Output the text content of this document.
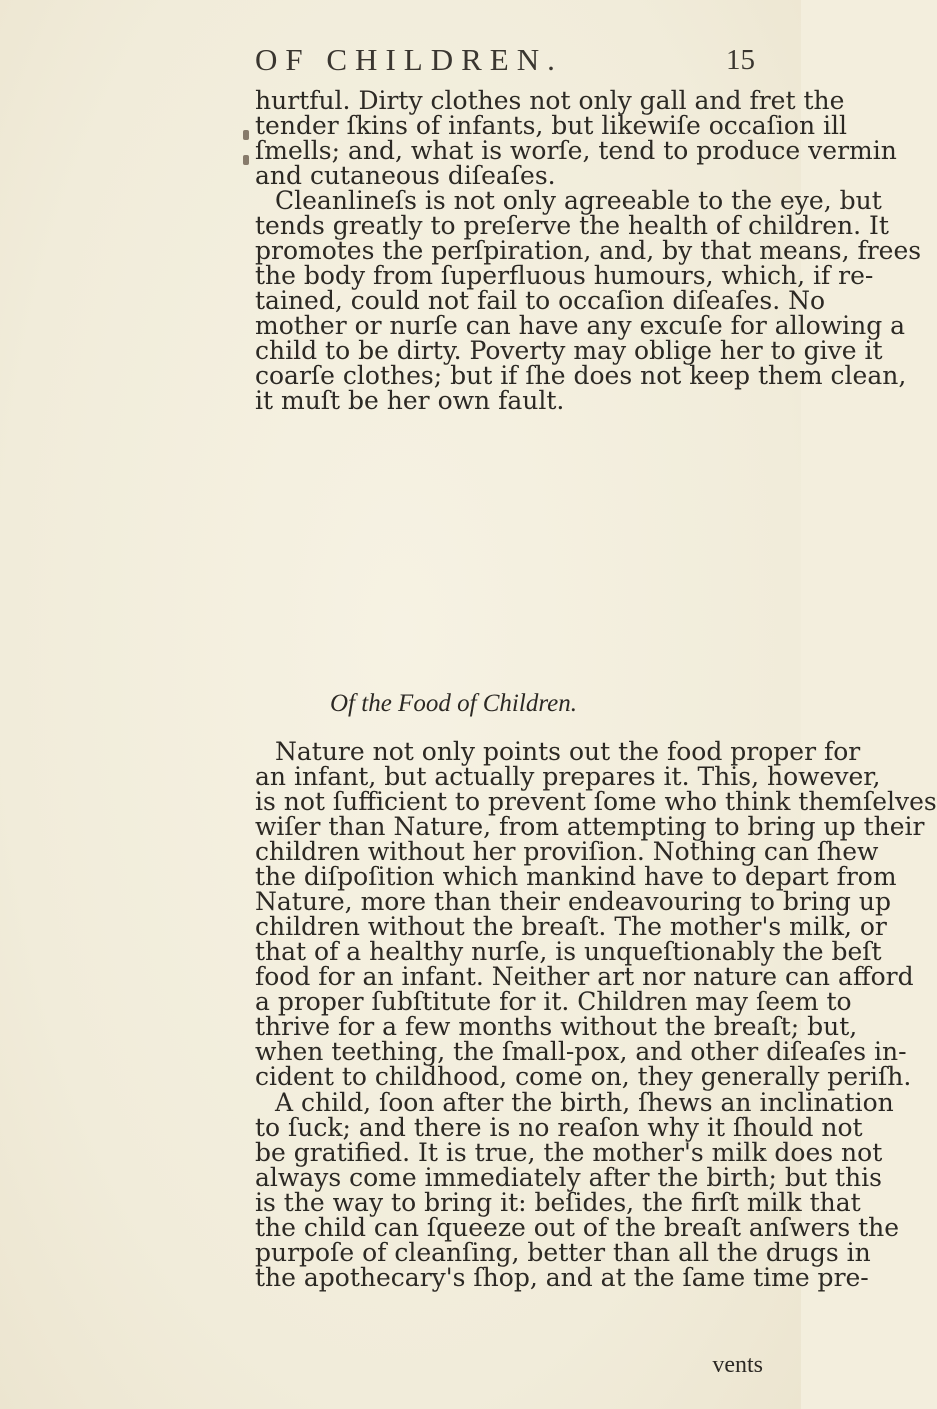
OF CHILDREN.	15
hurtful. Dirty clothes not only gall and fret the
tender ſkins of infants, but likewiſe occaſion ill
ſmells; and, what is worſe, tend to produce vermin
and cutaneous diſeaſes.
Cleanlineſs is not only agreeable to the eye, but
tends greatly to preſerve the health of children. It
promotes the perſpiration, and, by that means, frees
the body from ſuperfluous humours, which, if re-
tained, could not fail to occaſion diſeaſes. No
mother or nurſe can have any excuſe for allowing a
child to be dirty. Poverty may oblige her to give it
coarſe clothes; but if ſhe does not keep them clean,
it muſt be her own fault.
Of the Food of Children.
Nature not only points out the food proper for
an infant, but actually prepares it. This, however,
is not ſufficient to prevent ſome who think themſelves
wiſer than Nature, from attempting to bring up their
children without her proviſion. Nothing can ſhew
the diſpoſition which mankind have to depart from
Nature, more than their endeavouring to bring up
children without the breaſt. The mother's milk, or
that of a healthy nurſe, is unqueſtionably the beſt
food for an infant. Neither art nor nature can afford
a proper ſubſtitute for it. Children may ſeem to
thrive for a few months without the breaſt; but,
when teething, the ſmall-pox, and other diſeaſes in-
cident to childhood, come on, they generally periſh.
A child, ſoon after the birth, ſhews an inclination
to ſuck; and there is no reaſon why it ſhould not
be gratified. It is true, the mother's milk does not
always come immediately after the birth; but this
is the way to bring it: beſides, the firſt milk that
the child can ſqueeze out of the breaſt anſwers the
purpoſe of cleanſing, better than all the drugs in
the apothecary's ſhop, and at the ſame time pre-
vents
